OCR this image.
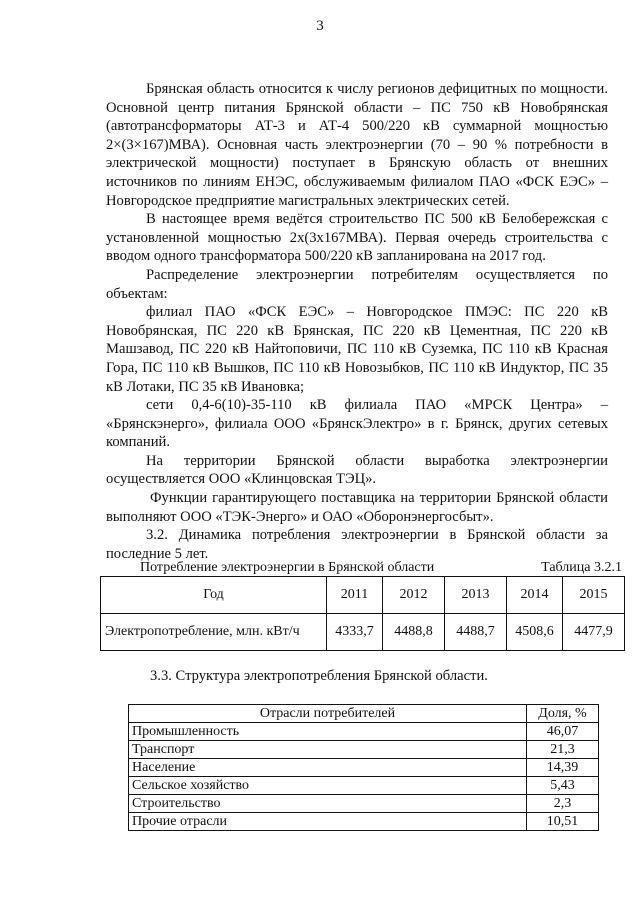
3

Брянская область относится к числу регионов дефицитных по мощности. Основной центр питания Брянской области – ПС 750 кВ Новобрянская (автотрансформаторы АТ-3 и АТ-4 500/220 кВ суммарной мощностью 2×(3×167)МВА). Основная часть электроэнергии (70 – 90 % потребности в электрической мощности) поступает в Брянскую область от внешних источников по линиям ЕНЭС, обслуживаемым филиалом ПАО «ФСК ЕЭС» – Новгородское предприятие магистральных электрических сетей.

В настоящее время ведётся строительство ПС 500 кВ Белобережская с установленной мощностью 2x(3x167МВА). Первая очередь строительства с вводом одного трансформатора 500/220 кВ запланирована на 2017 год.

Распределение электроэнергии потребителям осуществляется по объектам:

филиал ПАО «ФСК ЕЭС» – Новгородское ПМЭС: ПС 220 кВ Новобрянская, ПС 220 кВ Брянская, ПС 220 кВ Цементная, ПС 220 кВ Машзавод, ПС 220 кВ Найтоповичи, ПС 110 кВ Суземка, ПС 110 кВ Красная Гора, ПС 110 кВ Вышков, ПС 110 кВ Новозыбков, ПС 110 кВ Индуктор, ПС 35 кВ Лотаки, ПС 35 кВ Ивановка;

сети 0,4-6(10)-35-110 кВ филиала ПАО «МРСК Центра» – «Брянскэнерго», филиала ООО «БрянскЭлектро» в г. Брянск, других сетевых компаний.

На территории Брянской области выработка электроэнергии осуществляется ООО «Клинцовская ТЭЦ».

Функции гарантирующего поставщика на территории Брянской области выполняют ООО «ТЭК-Энерго» и ОАО «Оборонэнергосбыт».

3.2. Динамика потребления электроэнергии в Брянской области за последние 5 лет.

Потребление электроэнергии в Брянской области	Таблица 3.2.1
Год	2011	2012	2013	2014	2015
Электропотребление, млн. кВт/ч	4333,7	4488,8	4488,7	4508,6	4477,9
3.3. Структура электропотребления Брянской области.
Отрасли потребителей	Доля, %
Промышленность	46,07
Транспорт	21,3
Население	14,39
Сельское хозяйство	5,43
Строительство	2,3
Прочие отрасли	10,51
